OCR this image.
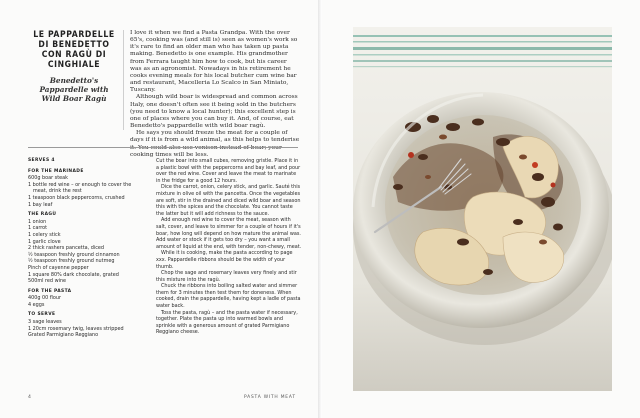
LE PAPPARDELLE DI BENEDETTO CON RAGÙ DI CINGHIALE
Benedetto's Pappardelle with Wild Boar Ragù

I love it when we find a Pasta Grandpa. With the over 65's, cooking was (and still is) seen as women's work so it's rare to find an older man who has taken up pasta making. Benedetto is one example. His grandmother from Ferrara taught him how to cook, but his career was as an agronomist. Nowadays in his retirement he cooks evening meals for his local butcher cum wine bar and restaurant, Macelleria Lo Scalco in San Miniato, Tuscany.

Although wild boar is widespread and common across Italy, one doesn't often see it being sold in the butchers (you need to know a local hunter); this excellent step is one of places where you can buy it. And, of course, eat Benedetto's pappardelle with wild boar ragù.

He says you should freeze the meat for a couple of days if it is from a wild animal, as this helps to tenderise cooking times will be less.

SERVES 4
FOR THE MARINADE
600g boar steak
1 bottle red wine – or enough to cover the meat, drink the rest
1 teaspoon black peppercorns, crushed
1 bay leaf
THE RAGÙ
1 onion
1 carrot
1 celery stick
1 garlic clove
2 thick rashers pancetta, diced
½ teaspoon freshly ground cinnamon
½ teaspoon freshly ground nutmeg
Pinch of cayenne pepper
1 square 80% dark chocolate, grated
500ml red wine
FOR THE PASTA
400g 00 flour
4 eggs
TO SERVE
3 sage leaves
1 20cm rosemary twig, leaves stripped
Grated Parmigiano Reggiano

Cut the boar into small cubes, removing gristle. Place it in a plastic bowl with the peppercorns and bay leaf, and pour over the red wine. Cover and leave the meat to marinate in the fridge for a good 12 hours.

Dice the carrot, onion, celery stick, and garlic. Sauté this mixture in olive oil with the pancetta. Once the vegetables are soft, stir in the drained and diced wild boar and season this with the spices and the chocolate. You cannot taste the latter but it will add richness to the sauce.

Add enough red wine to cover the meat, season with salt, cover, and leave to simmer for a couple of hours if it's boar, how long will depend on how mature the animal was. Add water or stock if it gets too dry – you want a small amount of liquid at the end, with tender, non-chewy, meat.

While it is cooking, make the pasta according to page xxx. Pappardelle ribbons should be the width of your thumb.

Chop the sage and rosemary leaves very finely and stir this mixture into the ragù.

Chuck the ribbons into boiling salted water and simmer them for 3 minutes then test them for doneness. When cooked, drain the pappardelle, having kept a ladle of pasta water back.

Toss the pasta, ragù – and the pasta water if necessary, together. Plate the pasta up into warmed bowls and sprinkle with a generous amount of grated Parmigiano Reggiano cheese.

4	PASTA WITH MEAT
